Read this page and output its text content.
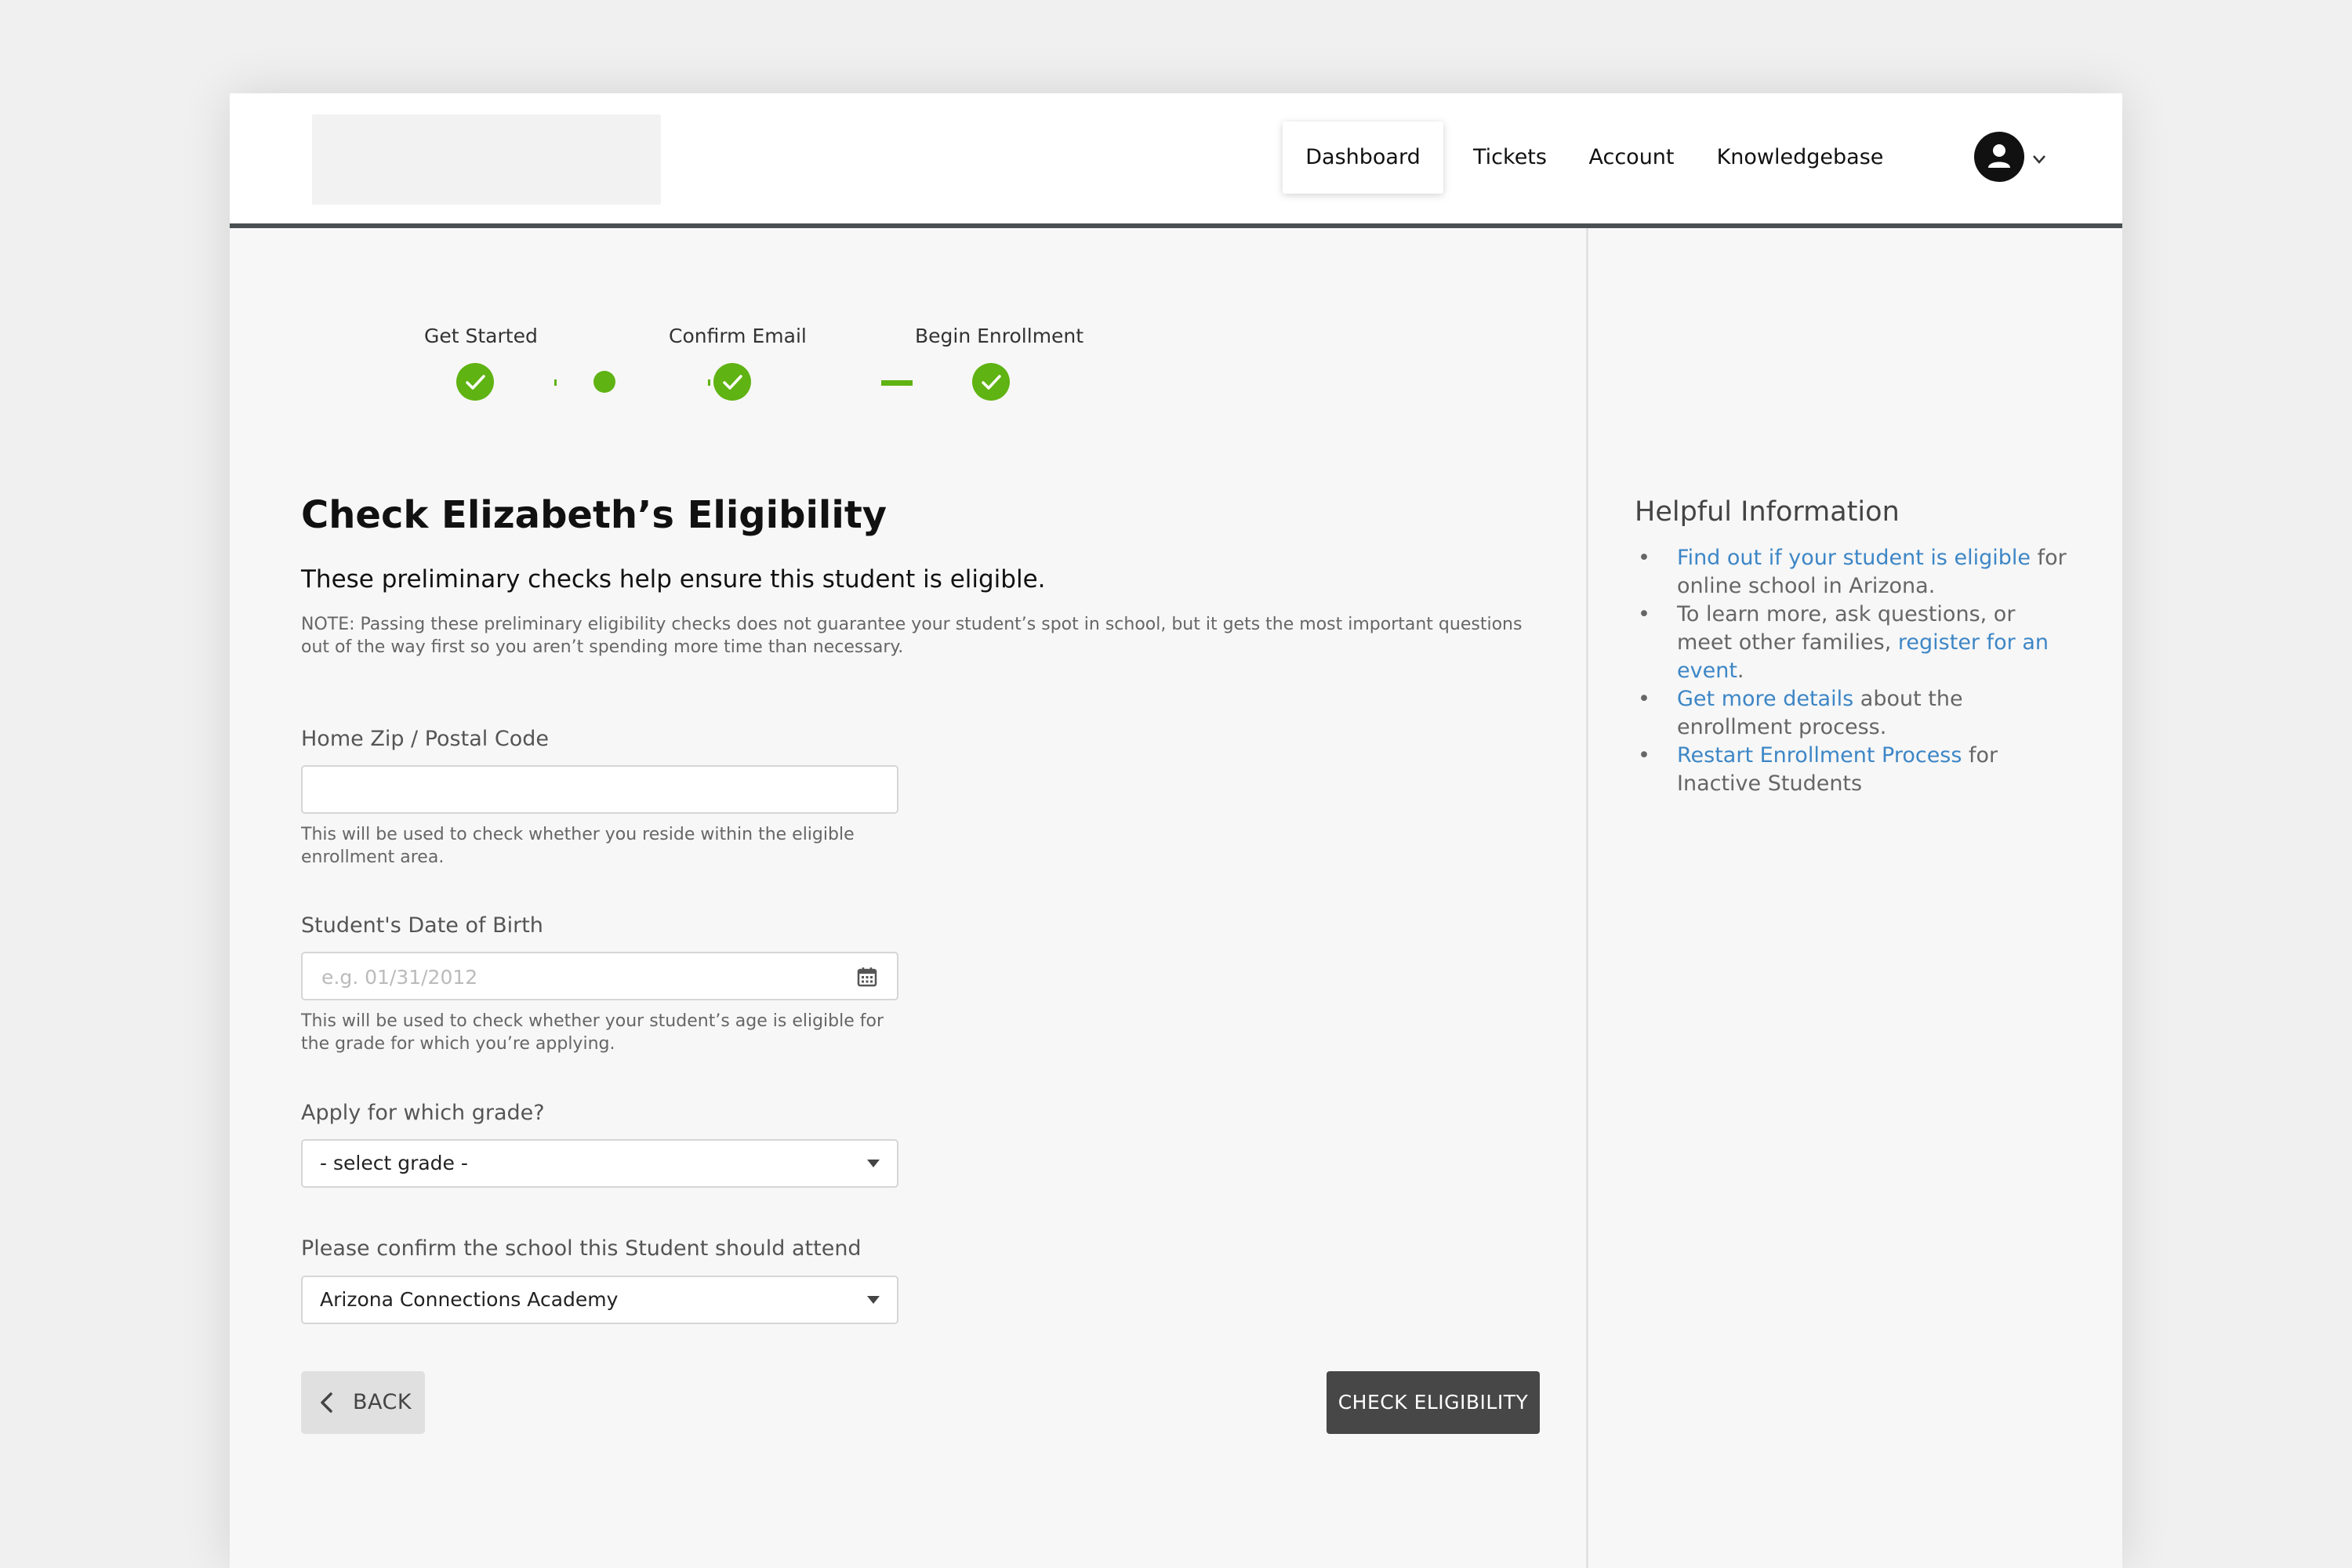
Dashboard	Tickets	Account	Knowledgebase
Get Started	Confirm Email	Begin Enrollment
Check Elizabeth’s Eligibility
These preliminary checks help ensure this student is eligible.
NOTE: Passing these preliminary eligibility checks does not guarantee your student’s spot in school, but it gets the most important questions out of the way first so you aren’t spending more time than necessary.
Home Zip / Postal Code
This will be used to check whether you reside within the eligible enrollment area.
Student's Date of Birth
e.g. 01/31/2012
Apply for which grade?
- select grade -
Please confirm the school this Student should attend
Arizona Connections Academy
BACK	CHECK ELIGIBILITY
Helpful Information
• Find out if your student is eligible for online school in Arizona.
• To learn more, ask questions, or meet other families, register for an event.
• Get more details about the enrollment process.
• Restart Enrollment Process for Inactive Students
This will be used to check whether your student’s age is eligible for the grade for which you’re applying.
